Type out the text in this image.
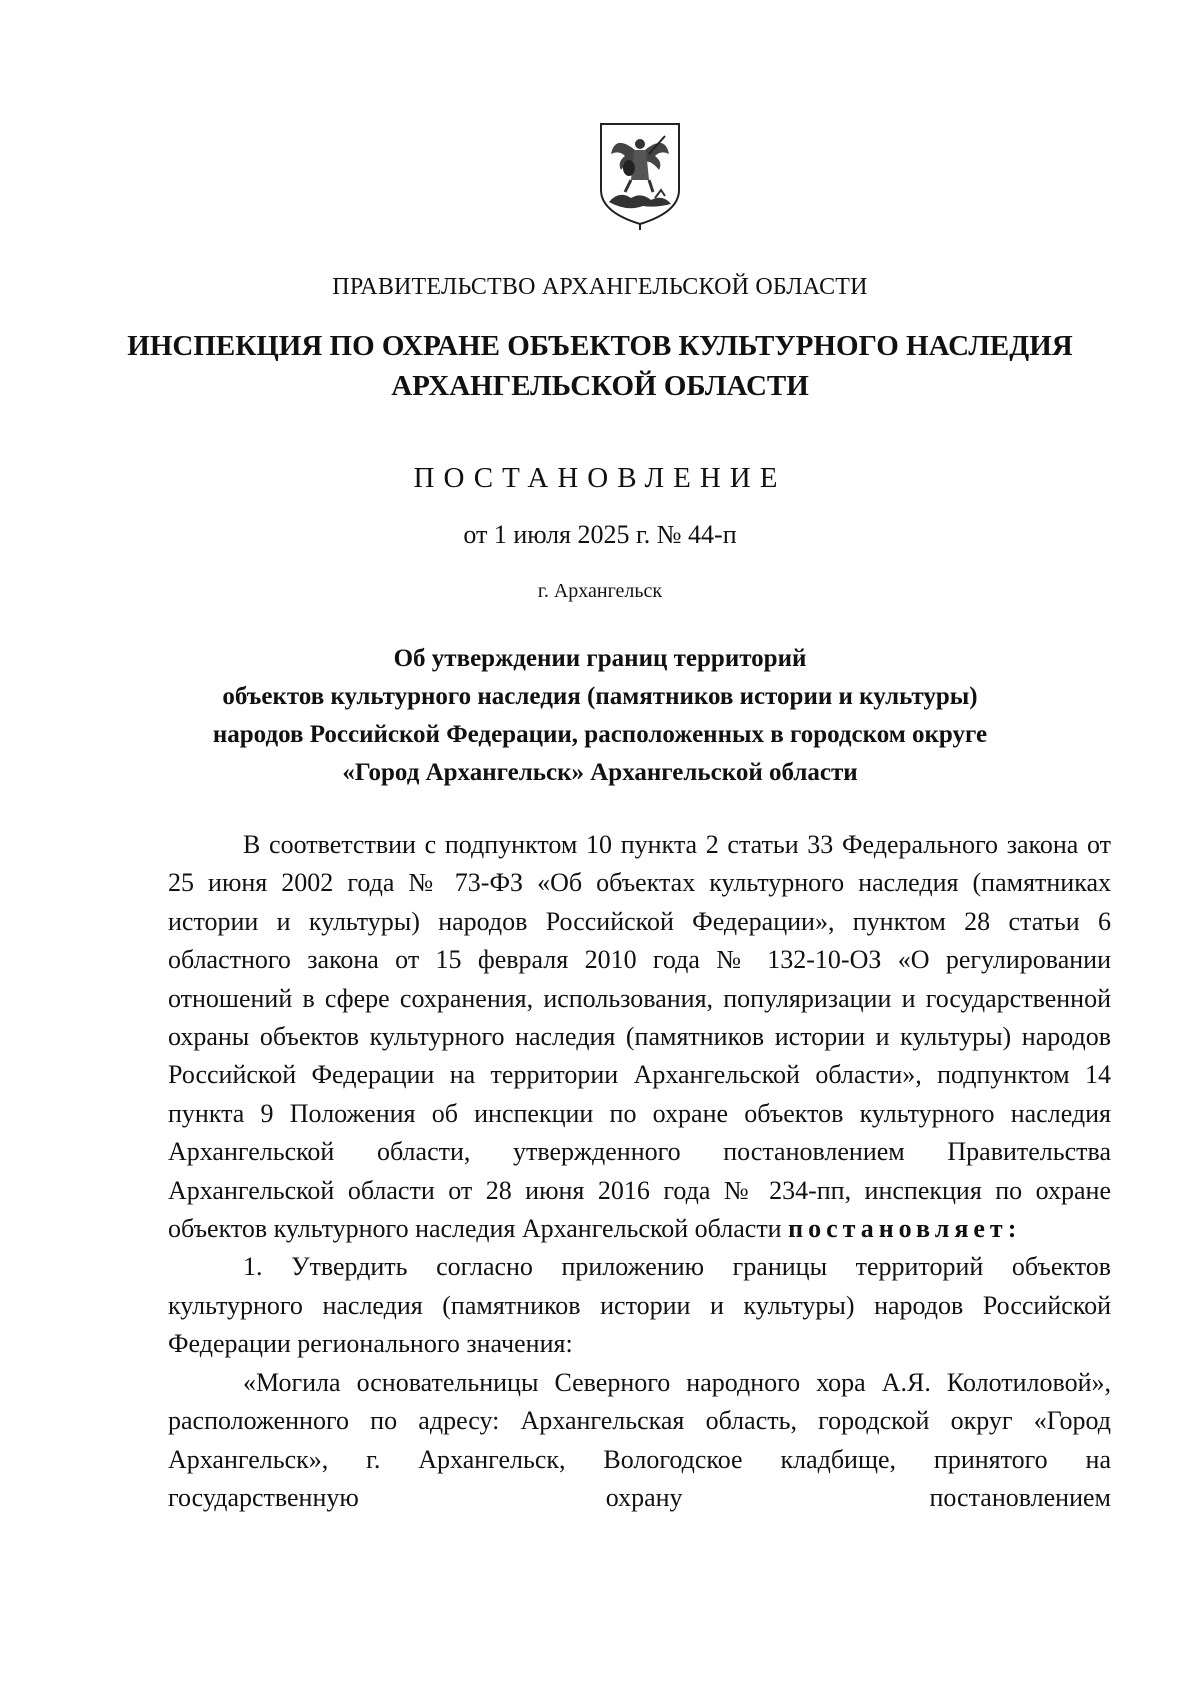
ПРАВИТЕЛЬСТВО АРХАНГЕЛЬСКОЙ ОБЛАСТИ
ИНСПЕКЦИЯ ПО ОХРАНЕ ОБЪЕКТОВ КУЛЬТУРНОГО НАСЛЕДИЯ
АРХАНГЕЛЬСКОЙ ОБЛАСТИ
ПОСТАНОВЛЕНИЕ
от 1 июля 2025 г. № 44-п
г. Архангельск
Об утверждении границ территорий
объектов культурного наследия (памятников истории и культуры)
народов Российской Федерации, расположенных в городском округе
«Город Архангельск» Архангельской области

В соответствии с подпунктом 10 пункта 2 статьи 33 Федерального закона от 25 июня 2002 года № 73-ФЗ «Об объектах культурного наследия (памятниках истории и культуры) народов Российской Федерации», пунктом 28 статьи 6 областного закона от 15 февраля 2010 года № 132-10-ОЗ «О регулировании отношений в сфере сохранения, использования, популяризации и государственной охраны объектов культурного наследия (памятников истории и культуры) народов Российской Федерации на территории Архангельской области», подпунктом 14 пункта 9 Положения об инспекции по охране объектов культурного наследия Архангельской области, утвержденного постановлением Правительства Архангельской области от 28 июня 2016 года № 234-пп, инспекция по охране объектов культурного наследия Архангельской области постановляет:

1. Утвердить согласно приложению границы территорий объектов культурного наследия (памятников истории и культуры) народов Российской Федерации регионального значения:

«Могила основательницы Северного народного хора А.Я. Колотиловой», расположенного по адресу: Архангельская область, городской округ «Город Архангельск», г. Архангельск, Вологодское кладбище, принятого на государственную охрану постановлением
